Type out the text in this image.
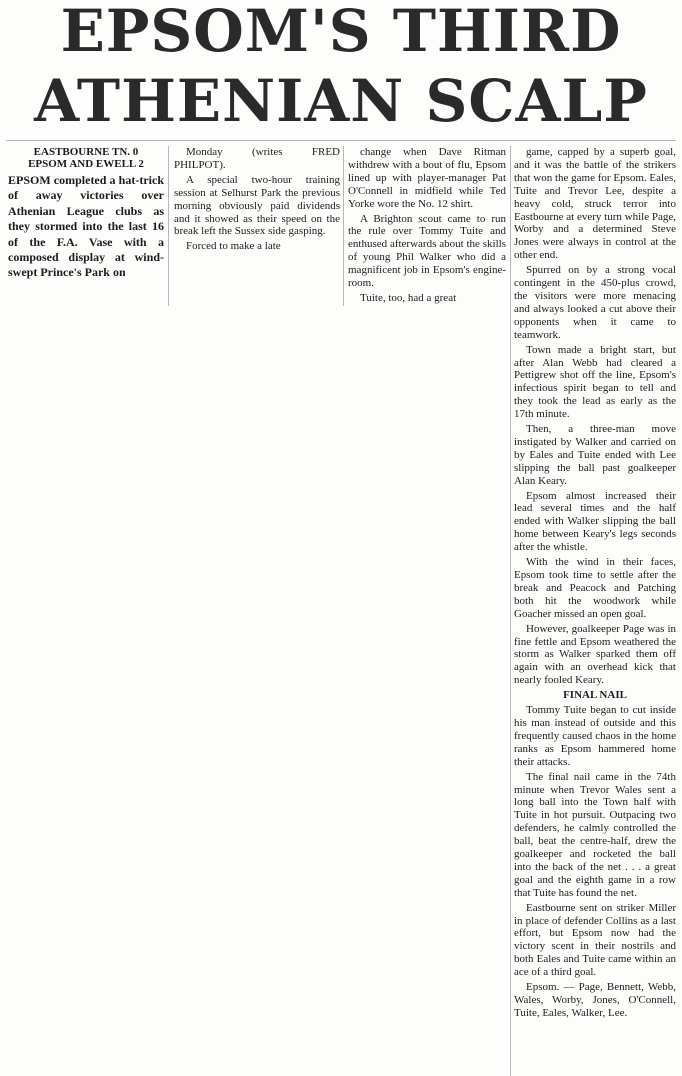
EPSOM'S THIRD
ATHENIAN SCALP

EASTBOURNE TN. 0

EPSOM AND EWELL 2

EPSOM completed a hat-trick of away victories over Athenian League clubs as they stormed into the last 16 of the F.A. Vase with a composed display at wind-swept Prince's Park on

Monday (writes FRED PHILPOT).

A special two-hour training session at Selhurst Park the previous morning obviously paid dividends and it showed as their speed on the break left the Sussex side gasping.

Forced to make a late

change when Dave Ritman withdrew with a bout of flu, Epsom lined up with player-manager Pat O'Connell in midfield while Ted Yorke wore the No. 12 shirt.

A Brighton scout came to run the rule over Tommy Tuite and enthused afterwards about the skills of young Phil Walker who did a magnificent job in Epsom's engine-room.

Tuite, too, had a great

game, capped by a superb goal, and it was the battle of the strikers that won the game for Epsom. Eales, Tuite and Trevor Lee, despite a heavy cold, struck terror into Eastbourne at every turn while Page, Worby and a determined Steve Jones were always in control at the other end.

Spurred on by a strong vocal contingent in the 450-plus crowd, the visitors were more menacing and always looked a cut above their opponents when it came to teamwork.

Town made a bright start, but after Alan Webb had cleared a Pettigrew shot off the line, Epsom's infectious spirit began to tell and they took the lead as early as the 17th minute.

Then, a three-man move instigated by Walker and carried on by Eales and Tuite ended with Lee slipping the ball past goalkeeper Alan Keary.

Epsom almost increased their lead several times and the half ended with Walker slipping the ball home between Keary's legs seconds after the whistle.

With the wind in their faces, Epsom took time to settle after the break and Peacock and Patching both hit the woodwork while Goacher missed an open goal.

However, goalkeeper Page was in fine fettle and Epsom weathered the storm as Walker sparked them off again with an overhead kick that nearly fooled Keary.

FINAL NAIL

Tommy Tuite began to cut inside his man instead of outside and this frequently caused chaos in the home ranks as Epsom hammered home their attacks.

The final nail came in the 74th minute when Trevor Wales sent a long ball into the Town half with Tuite in hot pursuit. Outpacing two defenders, he calmly controlled the ball, beat the centre-half, drew the goalkeeper and rocketed the ball into the back of the net . . . a great goal and the eighth game in a row that Tuite has found the net.

Eastbourne sent on striker Miller in place of defender Collins as a last effort, but Epsom now had the victory scent in their nostrils and both Eales and Tuite came within an ace of a third goal.

Epsom. — Page, Bennett, Webb, Wales, Worby, Jones, O'Connell, Tuite, Eales, Walker, Lee.
